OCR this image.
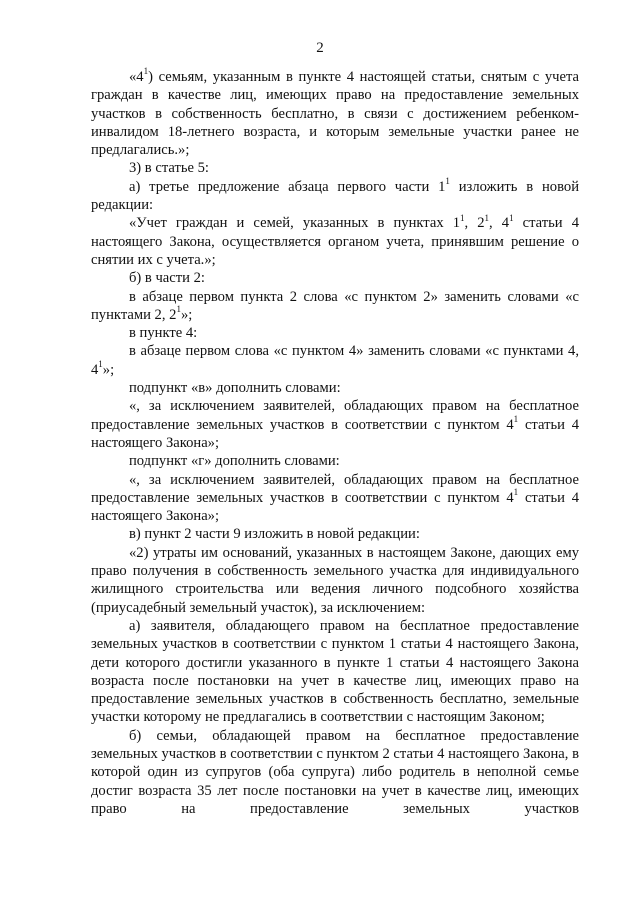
2

«$4^1$) семьям, указанным в пункте 4 настоящей статьи, снятым с учета граждан в качестве лиц, имеющих право на предоставление земельных участков в собственность бесплатно, в связи с достижением ребенком-инвалидом 18-летнего возраста, и которым земельные участки ранее не предлагались.»;

3) в статье 5:

а) третье предложение абзаца первого части $1^1$ изложить в новой редакции:

«Учет граждан и семей, указанных в пунктах $1^1$, $2^1$, $4^1$ статьи 4 настоящего Закона, осуществляется органом учета, принявшим решение о снятии их с учета.»;

б) в части 2:

в абзаце первом пункта 2 слова «с пунктом 2» заменить словами «с пунктами 2, $2^1$»;

в пункте 4:

в абзаце первом слова «с пунктом 4» заменить словами «с пунктами 4, $4^1$»;

подпункт «в» дополнить словами:

«, за исключением заявителей, обладающих правом на бесплатное предоставление земельных участков в соответствии с пунктом $4^1$ статьи 4 настоящего Закона»;

подпункт «г» дополнить словами:

«, за исключением заявителей, обладающих правом на бесплатное предоставление земельных участков в соответствии с пунктом $4^1$ статьи 4 настоящего Закона»;

в) пункт 2 части 9 изложить в новой редакции:

«2) утраты им оснований, указанных в настоящем Законе, дающих ему право получения в собственность земельного участка для индивидуального жилищного строительства или ведения личного подсобного хозяйства (приусадебный земельный участок), за исключением:

а) заявителя, обладающего правом на бесплатное предоставление земельных участков в соответствии с пунктом 1 статьи 4 настоящего Закона, дети которого достигли указанного в пункте 1 статьи 4 настоящего Закона возраста после постановки на учет в качестве лиц, имеющих право на предоставление земельных участков в собственность бесплатно, земельные участки которому не предлагались в соответствии с настоящим Законом;

б) семьи, обладающей правом на бесплатное предоставление земельных участков в соответствии с пунктом 2 статьи 4 настоящего Закона, в которой один из супругов (оба супруга) либо родитель в неполной семье достиг возраста 35 лет после постановки на учет в качестве лиц, имеющих право на предоставление земельных участков
